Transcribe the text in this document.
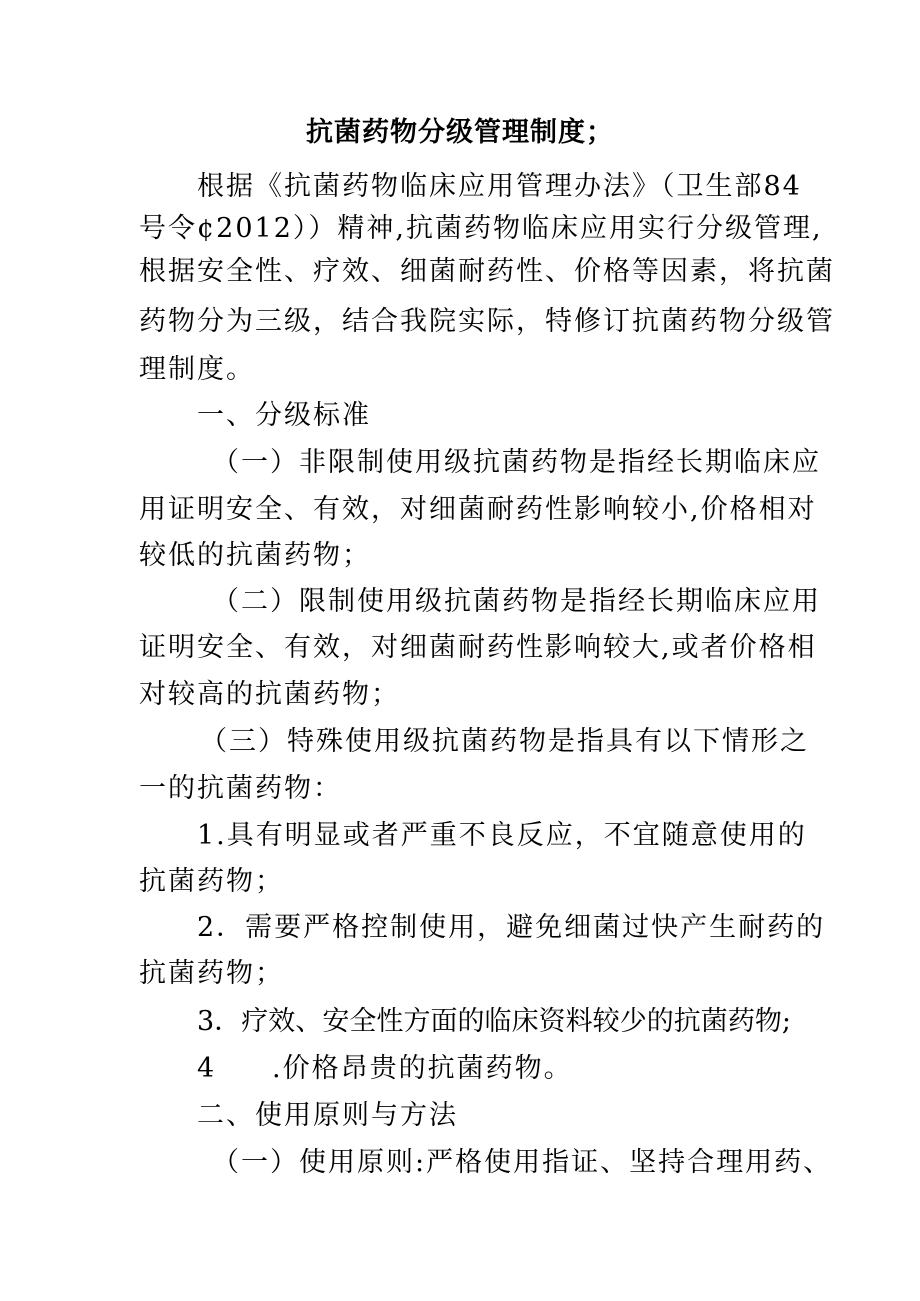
抗菌药物分级管理制度；
根据《抗菌药物临床应用管理办法》（卫生部84
号令¢2012））精神,抗菌药物临床应用实行分级管理,
根据安全性、疗效、细菌耐药性、价格等因素，将抗菌
药物分为三级，结合我院实际，特修订抗菌药物分级管
理制度。
一、分级标准
（一）非限制使用级抗菌药物是指经长期临床应
用证明安全、有效，对细菌耐药性影响较小,价格相对
较低的抗菌药物；
（二）限制使用级抗菌药物是指经长期临床应用
证明安全、有效，对细菌耐药性影响较大,或者价格相
对较高的抗菌药物；
（三）特殊使用级抗菌药物是指具有以下情形之
一的抗菌药物：
1.具有明显或者严重不良反应，不宜随意使用的
抗菌药物；
2．需要严格控制使用，避免细菌过快产生耐药的
抗菌药物；
3．疗效、安全性方面的临床资料较少的抗菌药物;
4 .价格昂贵的抗菌药物。
二、使用原则与方法
（一）使用原则:严格使用指证、坚持合理用药、
